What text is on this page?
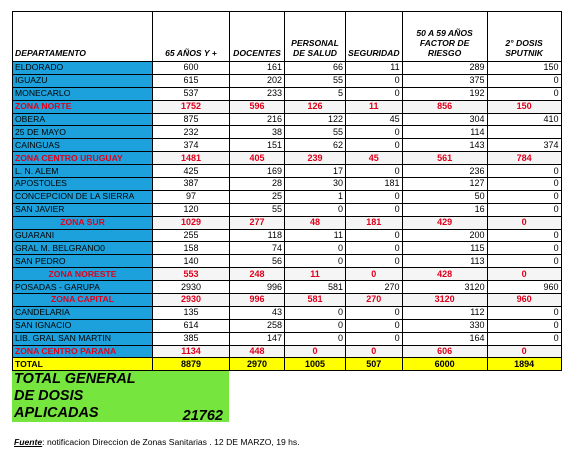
DEPARTAMENTO	65 AÑOS Y +	DOCENTES	PERSONAL DE SALUD	SEGURIDAD	50 A 59 AÑOS FACTOR DE RIESGO	2° DOSIS SPUTNIK
ELDORADO	600	161	66	11	289	150
IGUAZU	615	202	55	0	375	0
MONECARLO	537	233	5	0	192	0
ZONA NORTE	1752	596	126	11	856	150
OBERA	875	216	122	45	304	410
25 DE MAYO	232	38	55	0	114	
CAINGUAS	374	151	62	0	143	374
ZONA CENTRO URUGUAY	1481	405	239	45	561	784
L. N. ALEM	425	169	17	0	236	0
APOSTOLES	387	28	30	181	127	0
CONCEPCION DE LA SIERRA	97	25	1	0	50	0
SAN JAVIER	120	55	0	0	16	0
ZONA SUR	1029	277	48	181	429	0
GUARANI	255	118	11	0	200	0
GRAL M. BELGRANO0	158	74	0	0	115	0
SAN PEDRO	140	56	0	0	113	0
ZONA NORESTE	553	248	11	0	428	0
POSADAS - GARUPA	2930	996	581	270	3120	960
ZONA CAPITAL	2930	996	581	270	3120	960
CANDELARIA	135	43	0	0	112	0
SAN IGNACIO	614	258	0	0	330	0
LIB. GRAL SAN MARTIN	385	147	0	0	164	0
ZONA CENTRO PARANA	1134	448	0	0	606	0
TOTAL	8879	2970	1005	507	6000	1894
TOTAL GENERAL DE DOSIS APLICADAS	21762
Fuente: notificacion Direccion de Zonas Sanitarias . 12 DE MARZO, 19 hs.
